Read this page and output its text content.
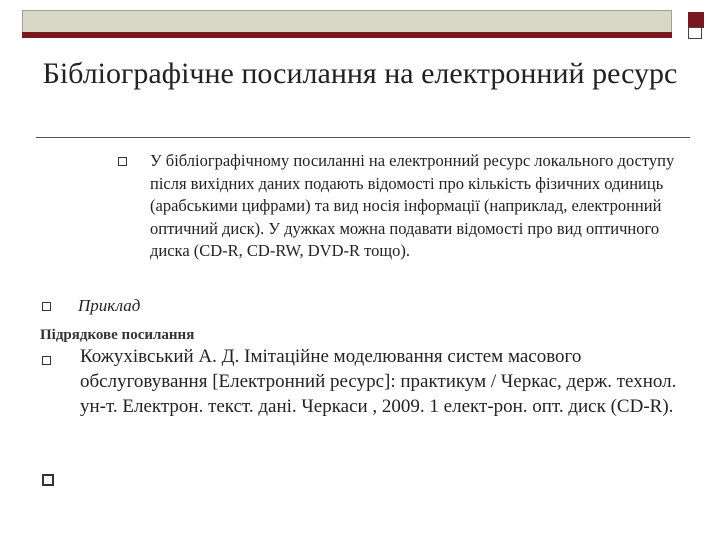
Бібліографічне посилання на електронний ресурс
У бібліографічному посиланні на електронний ресурс локального доступу після вихідних даних подають відомості про кількість фізичних одиниць (арабськими цифрами) та вид носія інформації (наприклад, електронний оптичний диск). У дужках можна подавати відомості про вид оптичного диска (CD-R, CD-RW, DVD-R тощо).
Приклад
Підрядкове посилання
Кожухівський А. Д. Імітаційне моделювання систем масового обслуговування [Електронний ресурс]: практикум / Черкас, держ. технол. ун-т. Електрон. текст. дані. Черкаси , 2009. 1 елект-рон. опт. диск (CD-R).
